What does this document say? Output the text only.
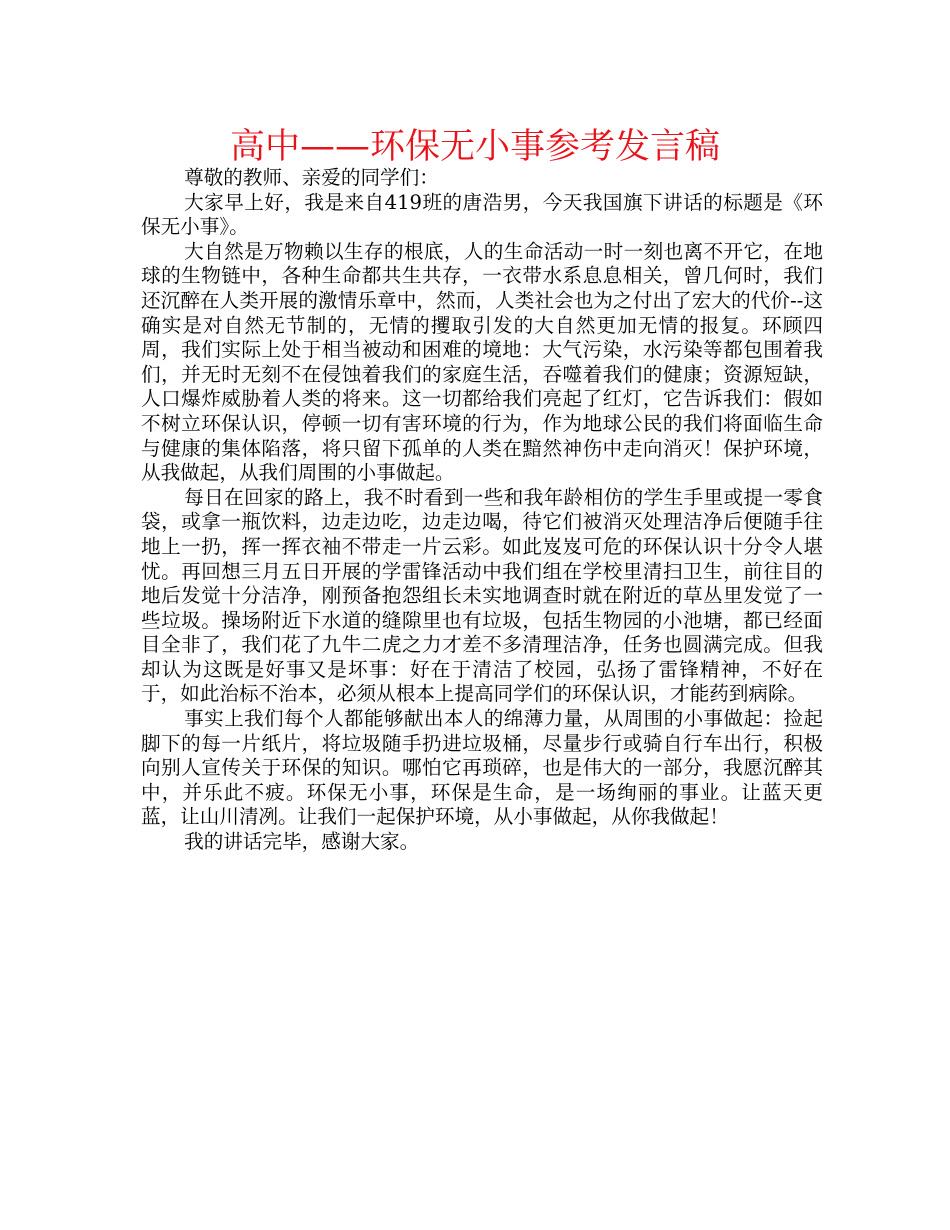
高中——环保无小事参考发言稿

尊敬的教师、亲爱的同学们：

大家早上好，我是来自419班的唐浩男，今天我国旗下讲话的标题是《环保无小事》。

大自然是万物赖以生存的根底，人的生命活动一时一刻也离不开它，在地球的生物链中，各种生命都共生共存，一衣带水系息息相关，曾几何时，我们还沉醉在人类开展的激情乐章中，然而，人类社会也为之付出了宏大的代价--这确实是对自然无节制的，无情的攫取引发的大自然更加无情的报复。环顾四周，我们实际上处于相当被动和困难的境地：大气污染，水污染等都包围着我们，并无时无刻不在侵蚀着我们的家庭生活，吞噬着我们的健康；资源短缺，人口爆炸威胁着人类的将来。这一切都给我们亮起了红灯，它告诉我们：假如不树立环保认识，停顿一切有害环境的行为，作为地球公民的我们将面临生命与健康的集体陷落，将只留下孤单的人类在黯然神伤中走向消灭！保护环境，从我做起，从我们周围的小事做起。

每日在回家的路上，我不时看到一些和我年龄相仿的学生手里或提一零食袋，或拿一瓶饮料，边走边吃，边走边喝，待它们被消灭处理洁净后便随手往地上一扔，挥一挥衣袖不带走一片云彩。如此岌岌可危的环保认识十分令人堪忧。再回想三月五日开展的学雷锋活动中我们组在学校里清扫卫生，前往目的地后发觉十分洁净，刚预备抱怨组长未实地调查时就在附近的草丛里发觉了一些垃圾。操场附近下水道的缝隙里也有垃圾，包括生物园的小池塘，都已经面目全非了，我们花了九牛二虎之力才差不多清理洁净，任务也圆满完成。但我却认为这既是好事又是坏事：好在于清洁了校园，弘扬了雷锋精神，不好在于，如此治标不治本，必须从根本上提高同学们的环保认识，才能药到病除。

事实上我们每个人都能够献出本人的绵薄力量，从周围的小事做起：捡起脚下的每一片纸片，将垃圾随手扔进垃圾桶，尽量步行或骑自行车出行，积极向别人宣传关于环保的知识。哪怕它再琐碎，也是伟大的一部分，我愿沉醉其中，并乐此不疲。环保无小事，环保是生命，是一场绚丽的事业。让蓝天更蓝，让山川清冽。让我们一起保护环境，从小事做起，从你我做起！

我的讲话完毕，感谢大家。
